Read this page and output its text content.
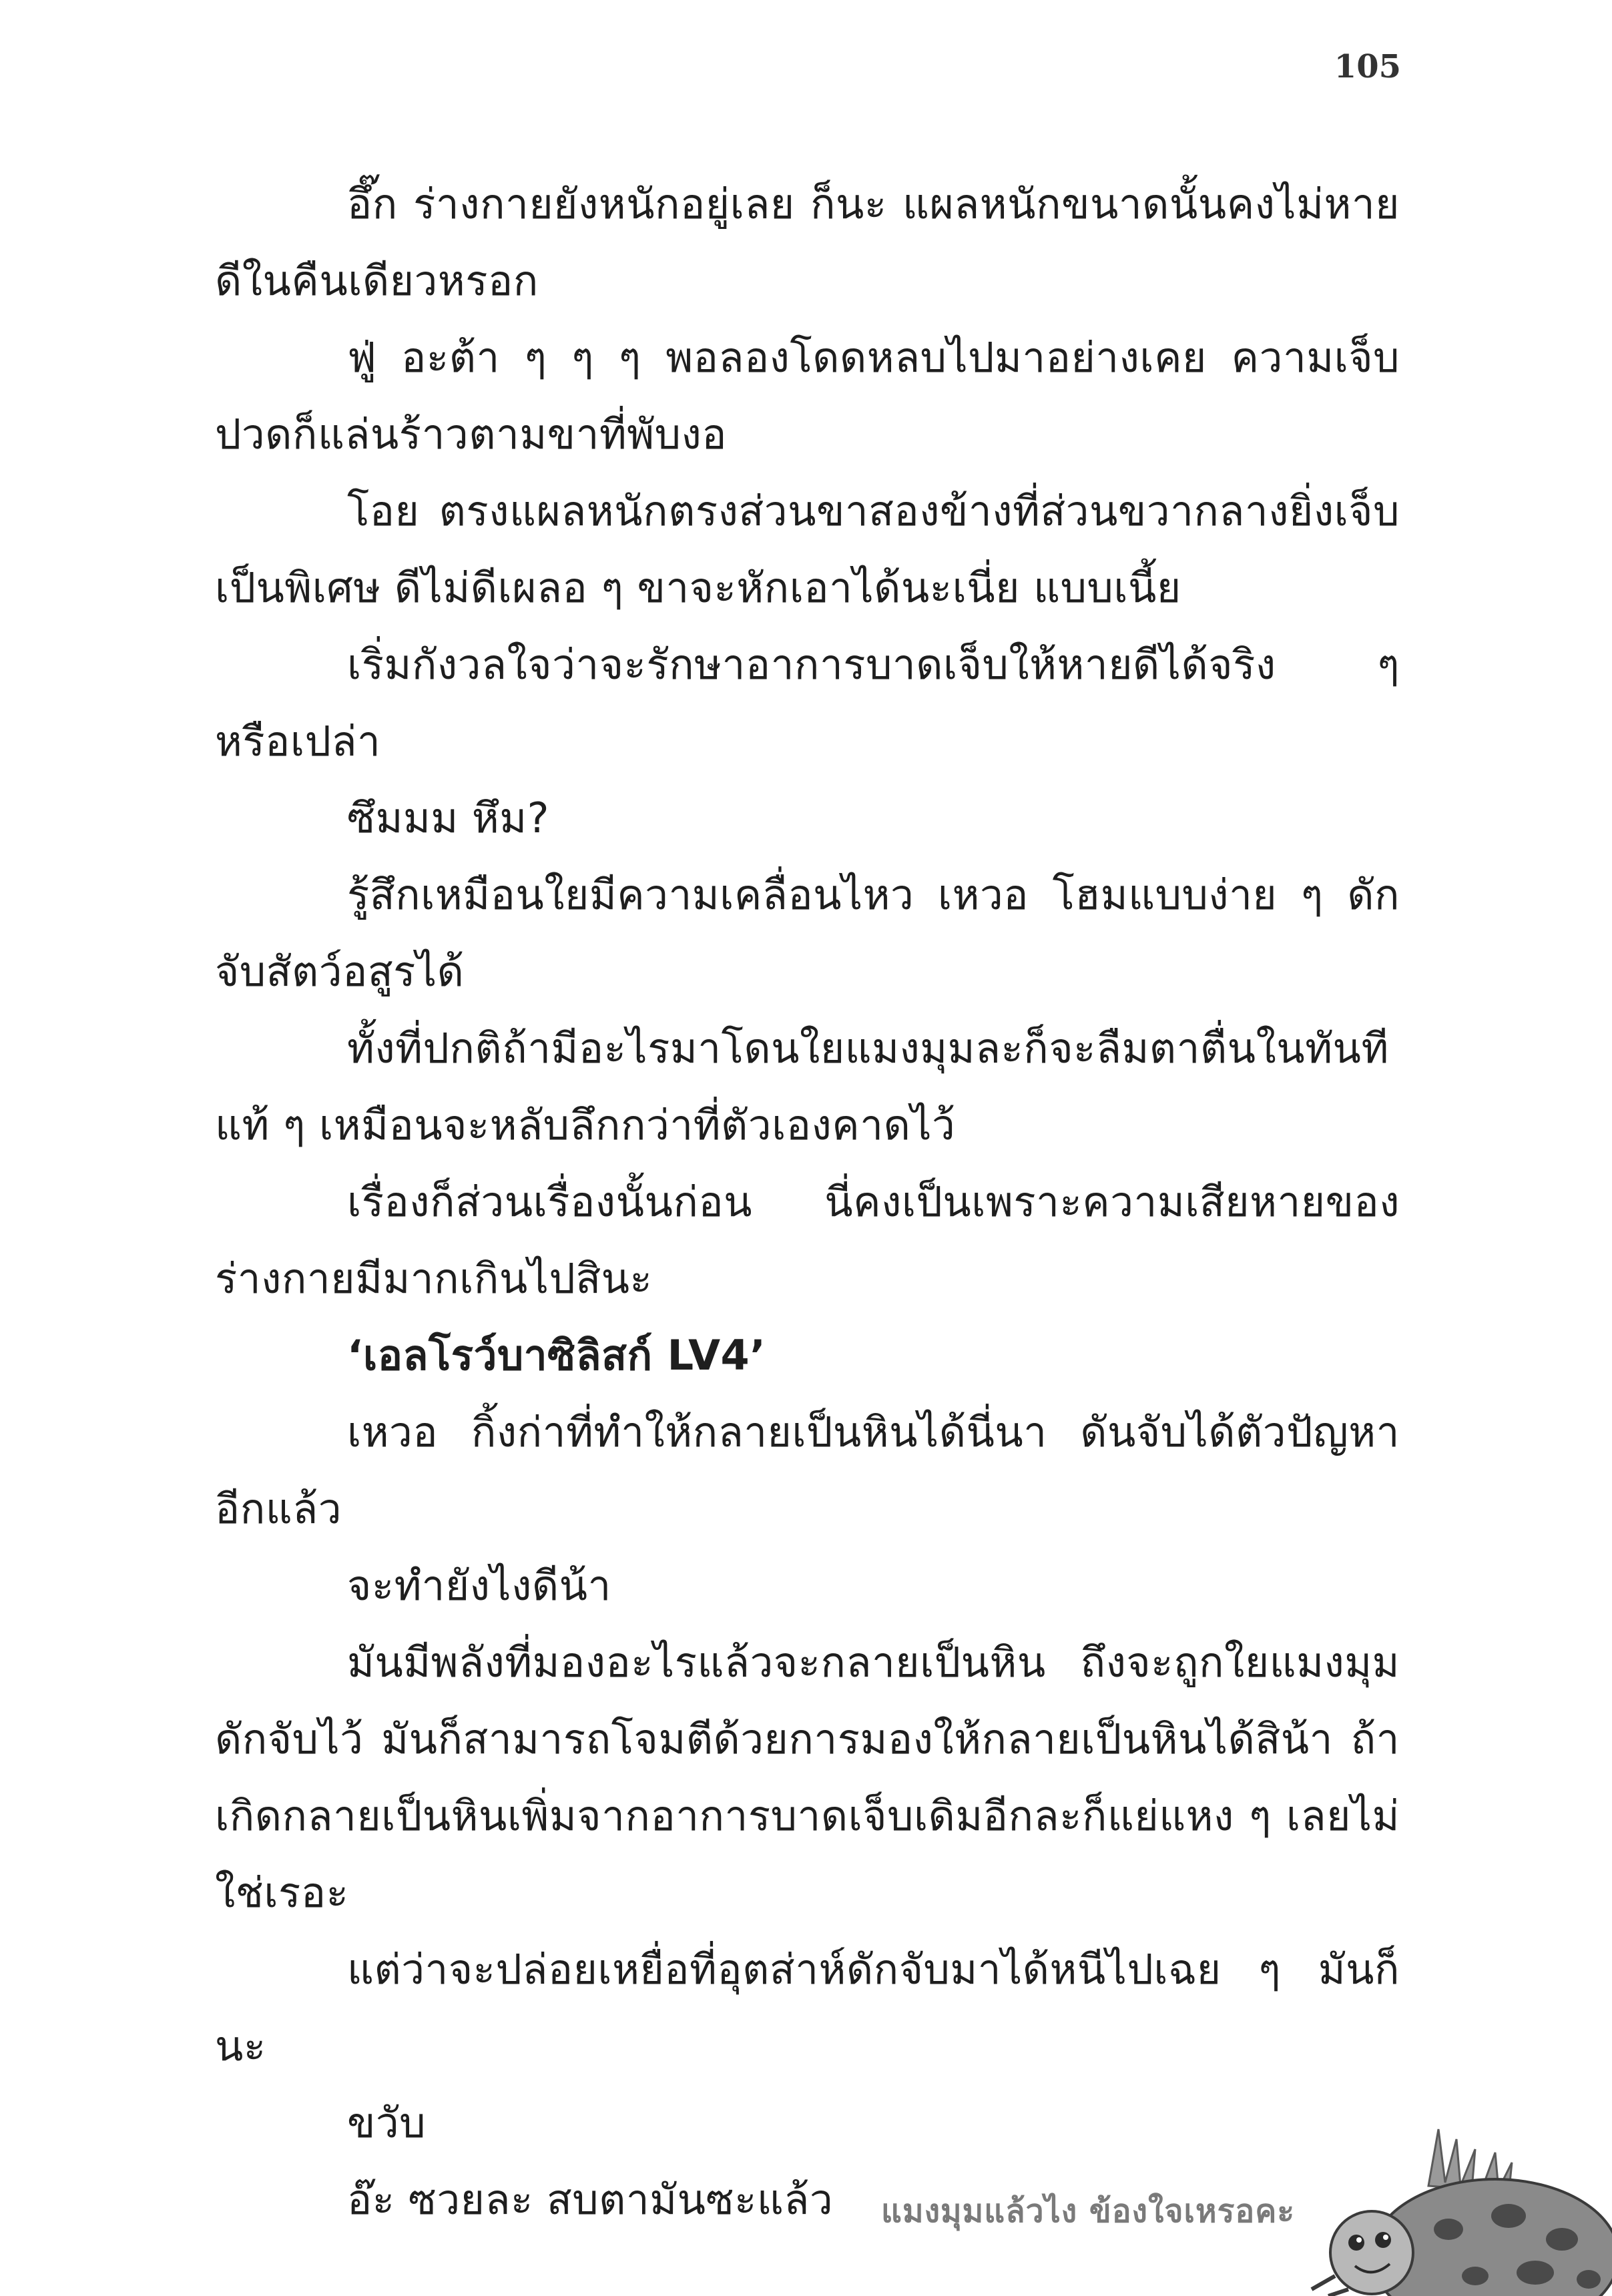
105

อึ๊ก ร่างกายยังหนักอยู่เลย ก็นะ แผลหนักขนาดนั้นคงไม่หายดีในคืนเดียวหรอก

ฟู่ อะต้า ๆ ๆ ๆ พอลองโดดหลบไปมาอย่างเคย ความเจ็บปวดก็แล่นร้าวตามขาที่พับงอ

โอย ตรงแผลหนักตรงส่วนขาสองข้างที่ส่วนขวากลางยิ่งเจ็บเป็นพิเศษ ดีไม่ดีเผลอ ๆ ขาจะหักเอาได้นะเนี่ย แบบเนี้ย

เริ่มกังวลใจว่าจะรักษาอาการบาดเจ็บให้หายดีได้จริง ๆ หรือเปล่า

ซึมมม หึม?

รู้สึกเหมือนใยมีความเคลื่อนไหว เหวอ โฮมแบบง่าย ๆ ดักจับสัตว์อสูรได้

ทั้งที่ปกติถ้ามีอะไรมาโดนใยแมงมุมละก็จะลืมตาตื่นในทันทีแท้ ๆ เหมือนจะหลับลึกกว่าที่ตัวเองคาดไว้

เรื่องก็ส่วนเรื่องนั้นก่อน นี่คงเป็นเพราะความเสียหายของร่างกายมีมากเกินไปสินะ

‘เอลโรว์บาซิลิสก์ LV4’

เหวอ กิ้งก่าที่ทำให้กลายเป็นหินได้นี่นา ดันจับได้ตัวปัญหาอีกแล้ว

จะทำยังไงดีน้า

มันมีพลังที่มองอะไรแล้วจะกลายเป็นหิน ถึงจะถูกใยแมงมุมดักจับไว้ มันก็สามารถโจมตีด้วยการมองให้กลายเป็นหินได้สิน้า ถ้าเกิดกลายเป็นหินเพิ่มจากอาการบาดเจ็บเดิมอีกละก็แย่แหง ๆ เลยไม่ใช่เรอะ

แต่ว่าจะปล่อยเหยื่อที่อุตส่าห์ดักจับมาได้หนีไปเฉย ๆ มันก็นะ

ขวับ

อ๊ะ ซวยละ สบตามันซะแล้ว	แมงมุมแล้วไง ข้องใจเหรอคะ
